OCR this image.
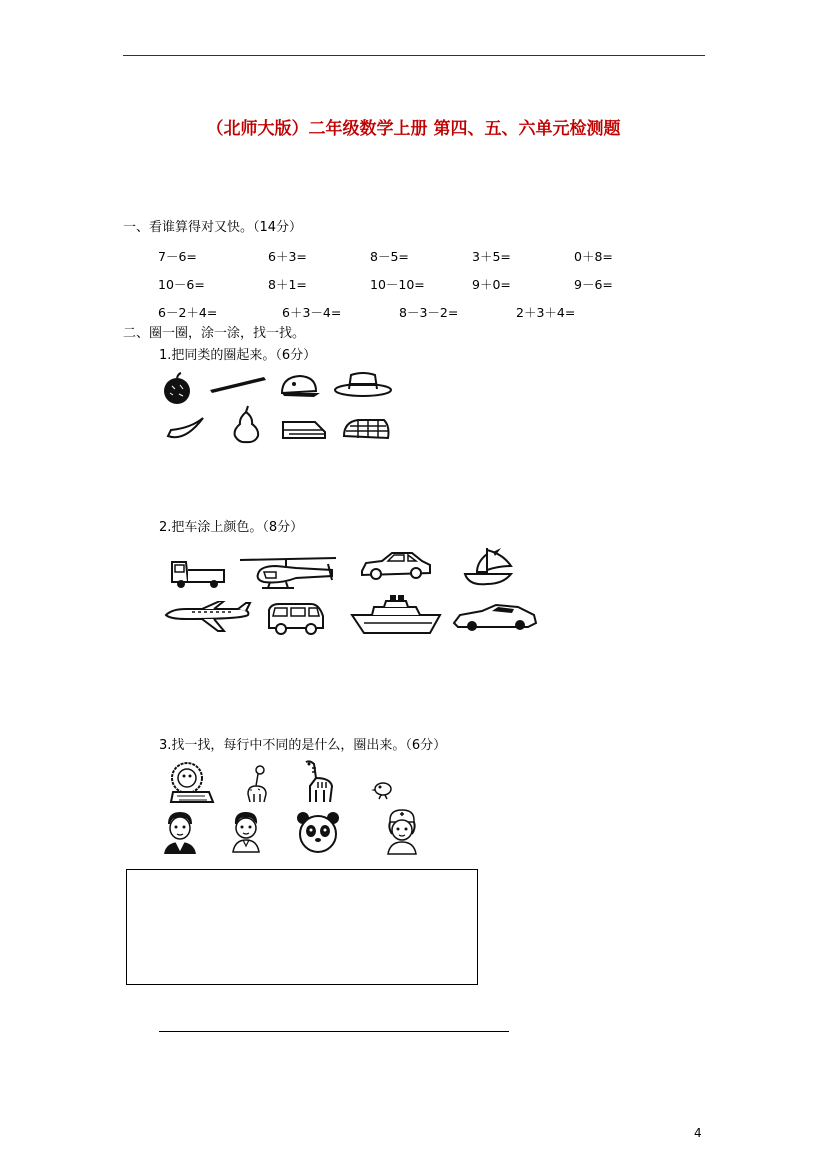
（北师大版）二年级数学上册 第四、五、六单元检测题
一、看谁算得对又快。（14分）
7－6=	6＋3=	8－5=	3＋5=	0＋8=
10－6=	8＋1=	10－10=	9＋0=	9－6=
6－2＋4=	6＋3－4=	8－3－2=	2＋3＋4=
二、圈一圈，涂一涂，找一找。
1.把同类的圈起来。（6分）
2.把车涂上颜色。（8分）
3.找一找，每行中不同的是什么，圈出来。（6分）
4
